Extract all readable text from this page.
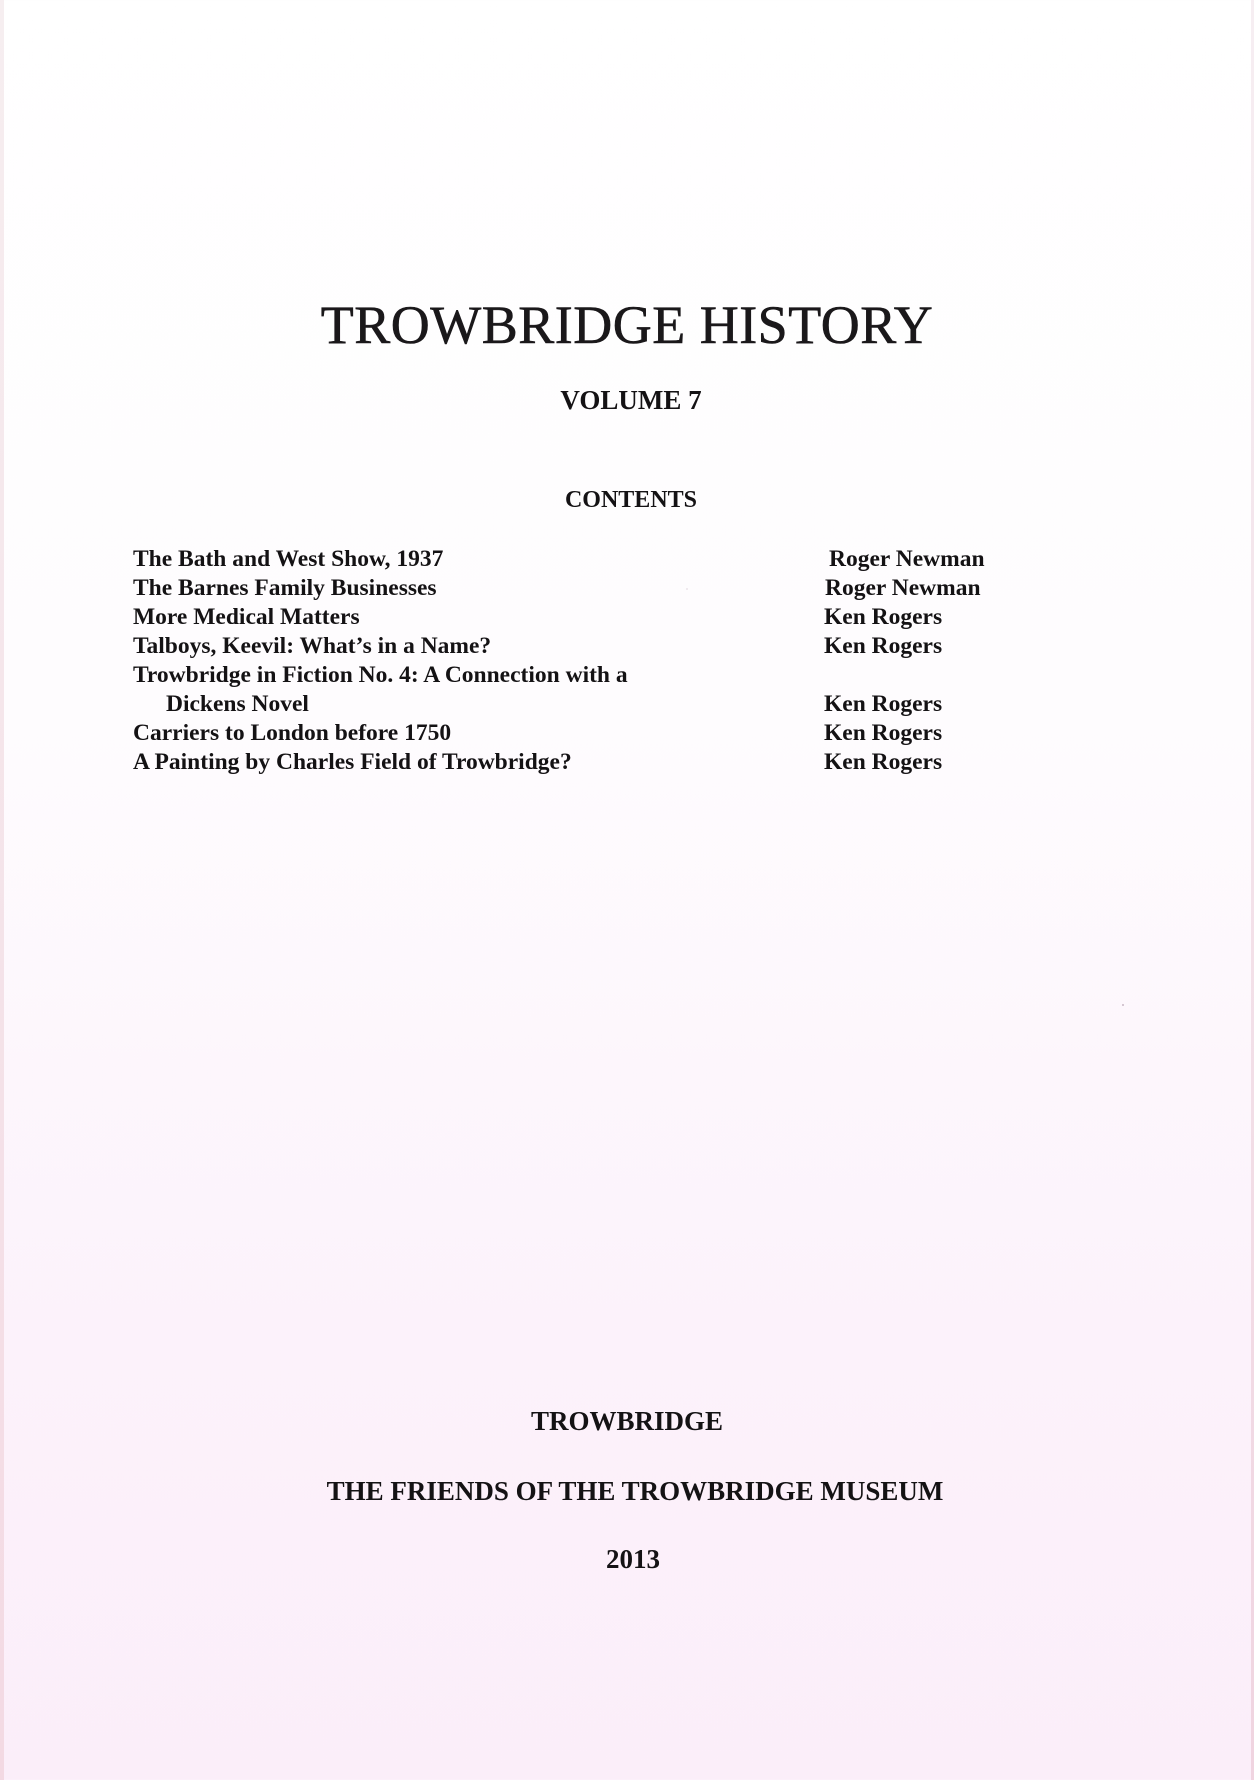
TROWBRIDGE HISTORY
VOLUME 7
CONTENTS
The Bath and West Show, 1937	Roger Newman
The Barnes Family Businesses	Roger Newman
More Medical Matters	Ken Rogers
Talboys, Keevil: What’s in a Name?	Ken Rogers
Trowbridge in Fiction No. 4: A Connection with a
Dickens Novel	Ken Rogers
Carriers to London before 1750	Ken Rogers
A Painting by Charles Field of Trowbridge?	Ken Rogers
TROWBRIDGE
THE FRIENDS OF THE TROWBRIDGE MUSEUM
2013
